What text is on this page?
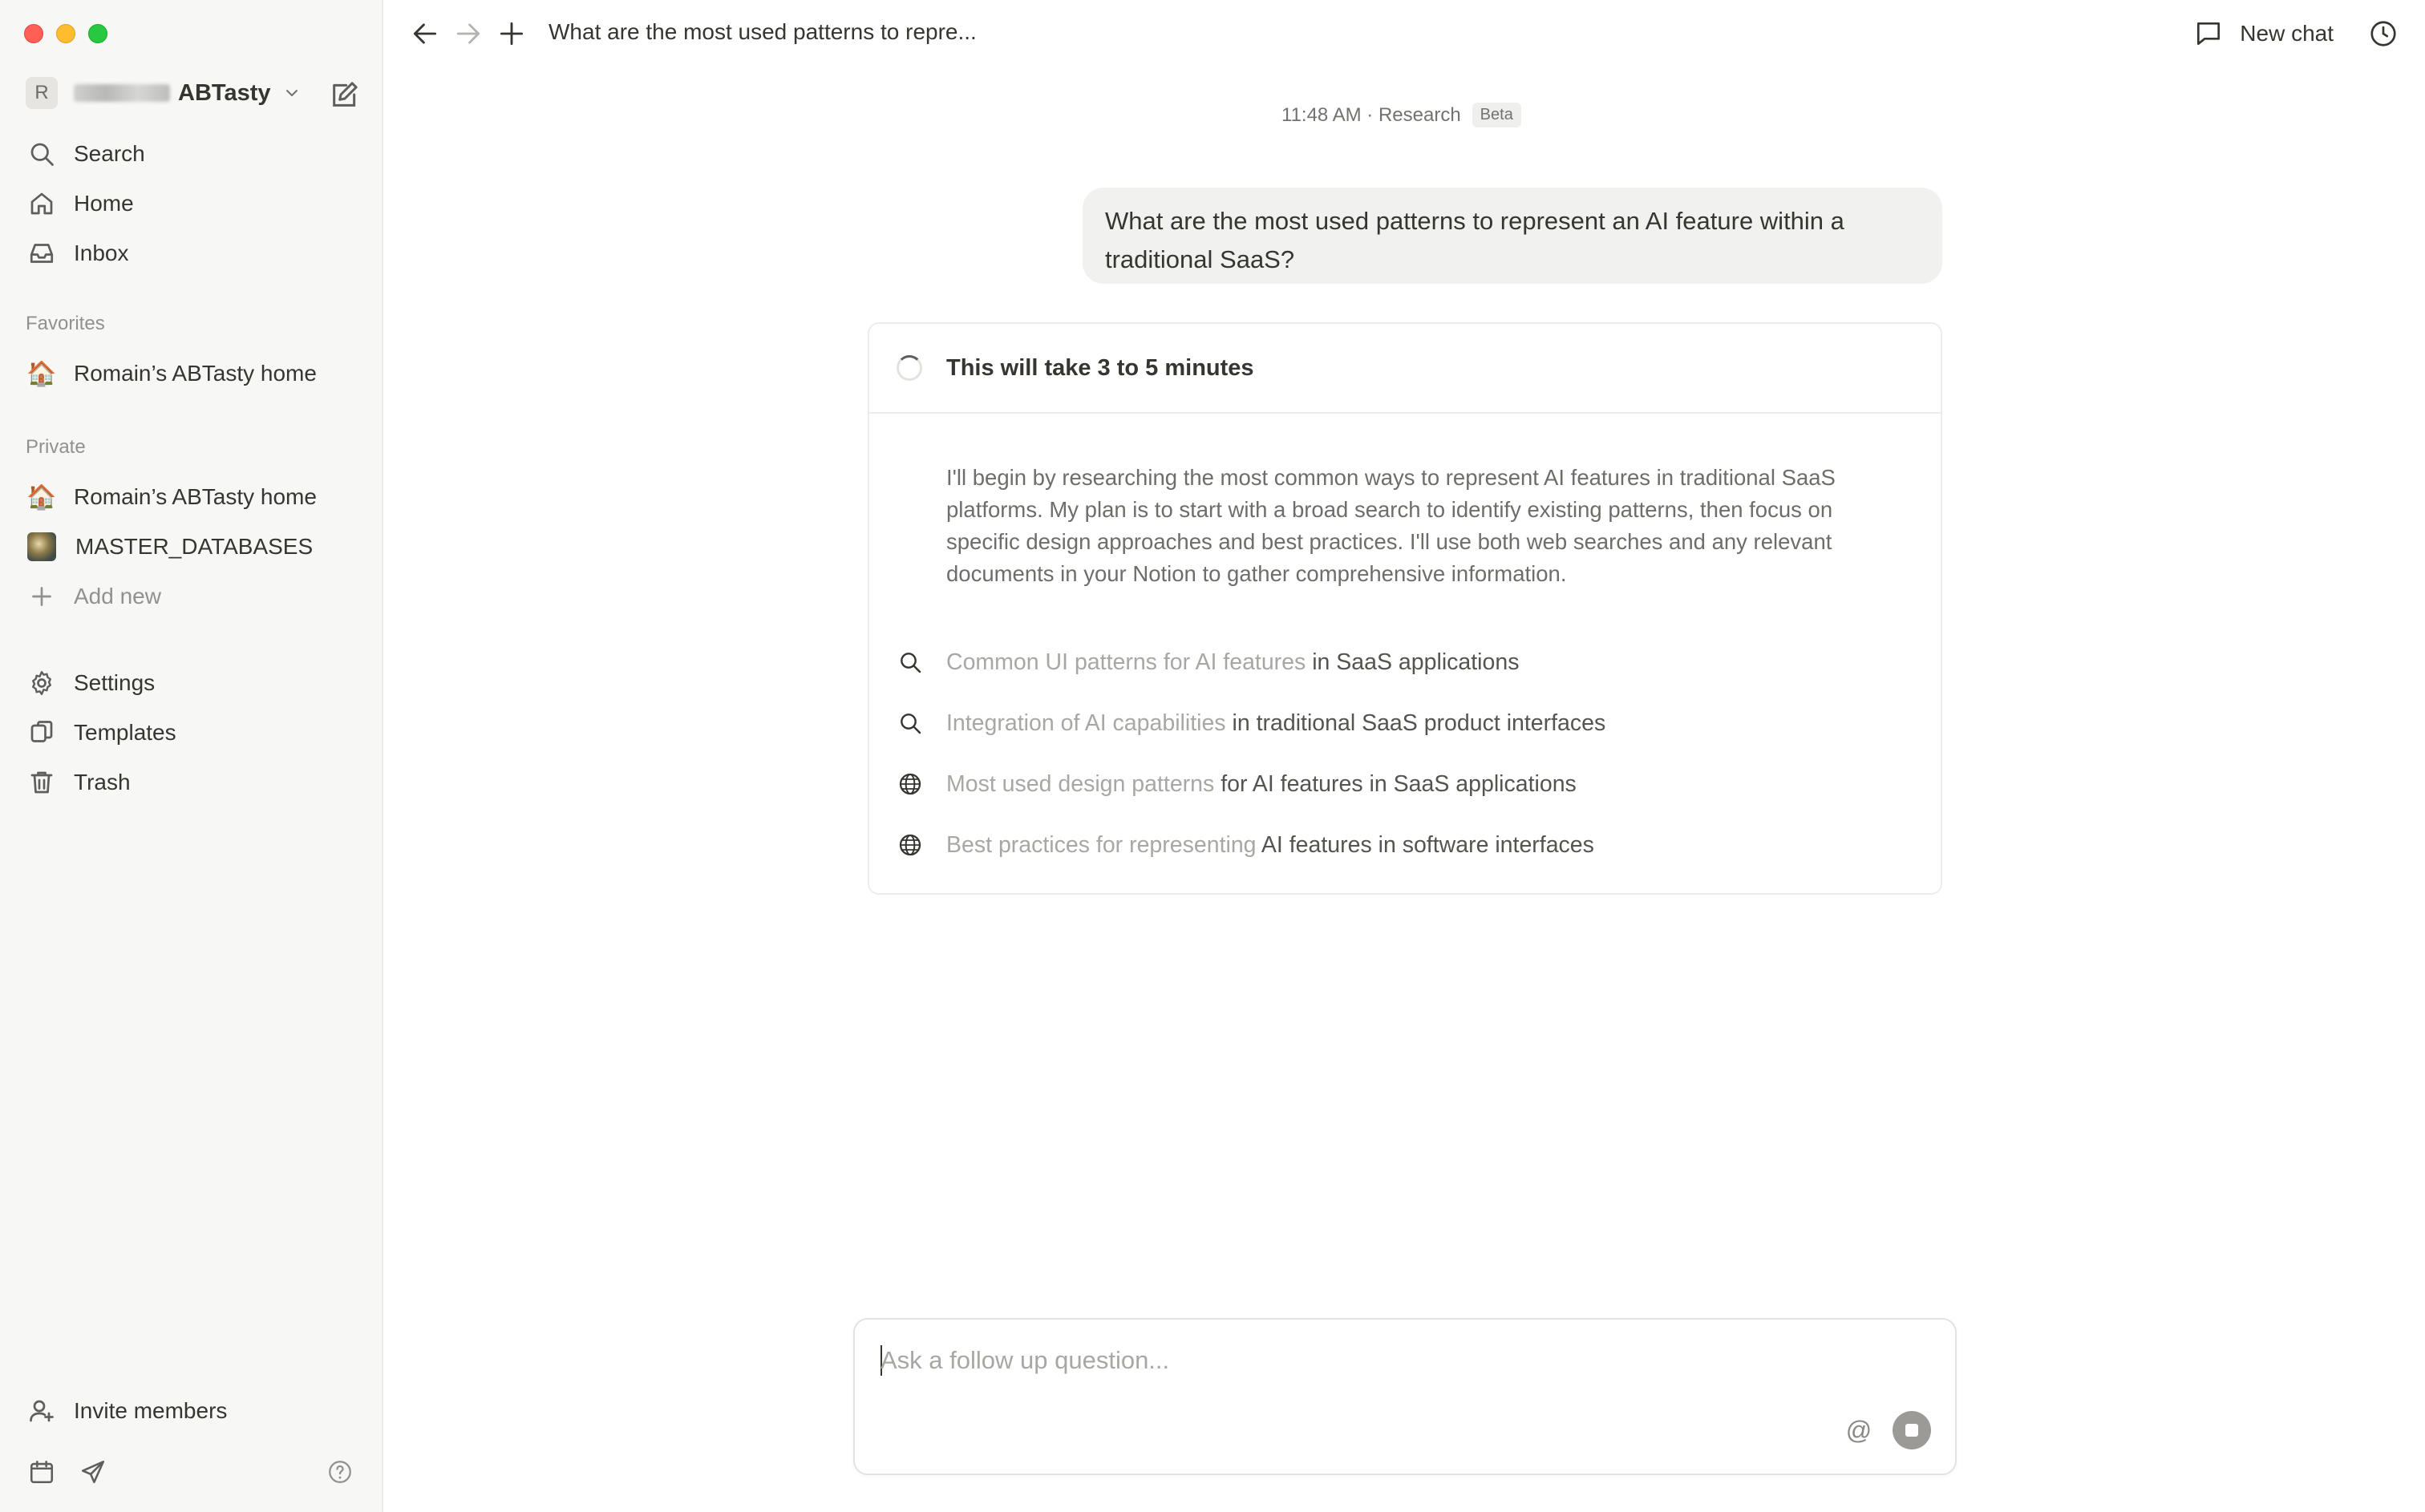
R	ABTasty
Search
Home
Inbox
Favorites
🏠 Romain’s ABTasty home
Private
🏠 Romain’s ABTasty home
MASTER_DATABASES
Add new
Settings
Templates
Trash
Invite members
What are the most used patterns to repre...	New chat
11:48 AM · Research	Beta
What are the most used patterns to represent an AI feature within a traditional SaaS?
This will take 3 to 5 minutes

I'll begin by researching the most common ways to represent AI features in traditional SaaS platforms. My plan is to start with a broad search to identify existing patterns, then focus on specific design approaches and best practices. I'll use both web searches and any relevant documents in your Notion to gather comprehensive information.

Common UI patterns for AI features in SaaS applications
Integration of AI capabilities in traditional SaaS product interfaces
Most used design patterns for AI features in SaaS applications
Best practices for representing AI features in software interfaces
Ask a follow up question...
@
